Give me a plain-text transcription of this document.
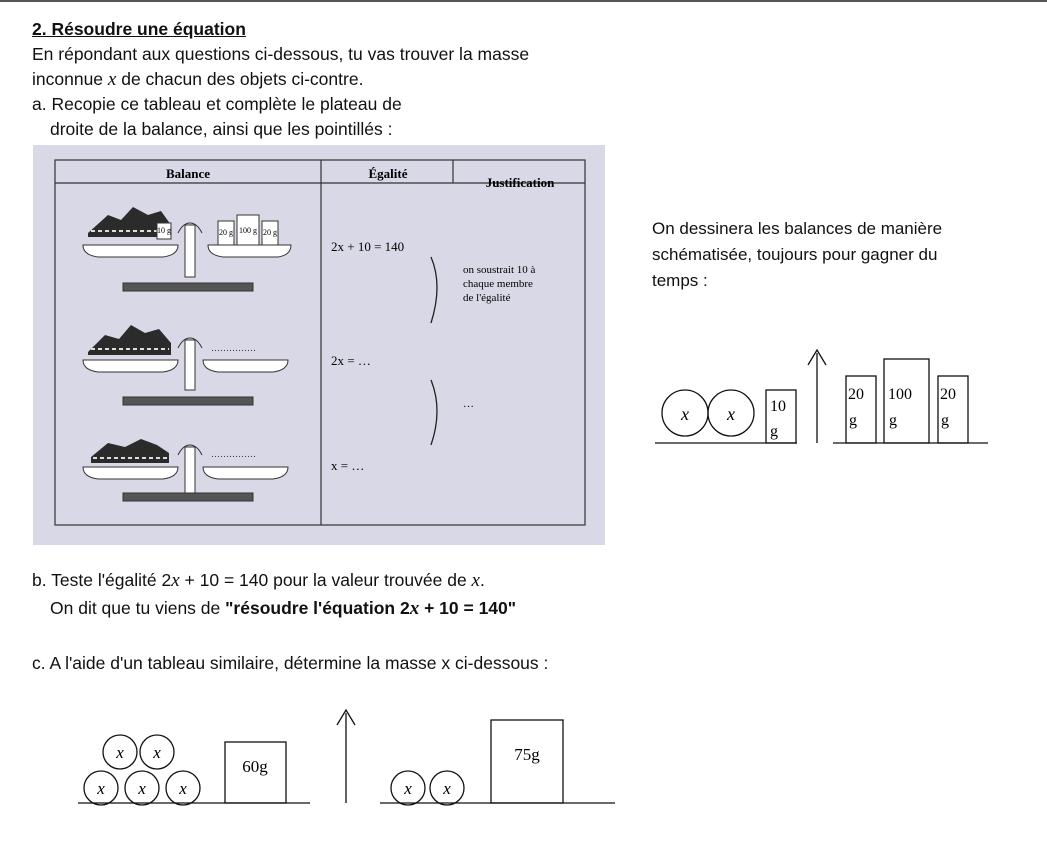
2. Résoudre une équation
En répondant aux questions ci-dessous, tu vas trouver la masse
inconnue x de chacun des objets ci-contre.
a. Recopie ce tableau et complète le plateau de
droite de la balance, ainsi que les pointillés :
Balance	Égalité
Justification
10 g	20 g 100 g 20 g
2x + 10 = 140
on soustrait 10 à
chaque membre
de l'égalité
……………
2x = …
…
……………
x = …
On dessinera les balances de manière
schématisée, toujours pour gagner du
temps :
x x 10
g
20
g
100
g
20
g
b. Teste l'égalité 2x + 10 = 140 pour la valeur trouvée de x.
On dit que tu viens de "résoudre l'équation 2x + 10 = 140"
c. A l'aide d'un tableau similaire, détermine la masse x ci-dessous :
x x
x x x
60g
x x
75g
